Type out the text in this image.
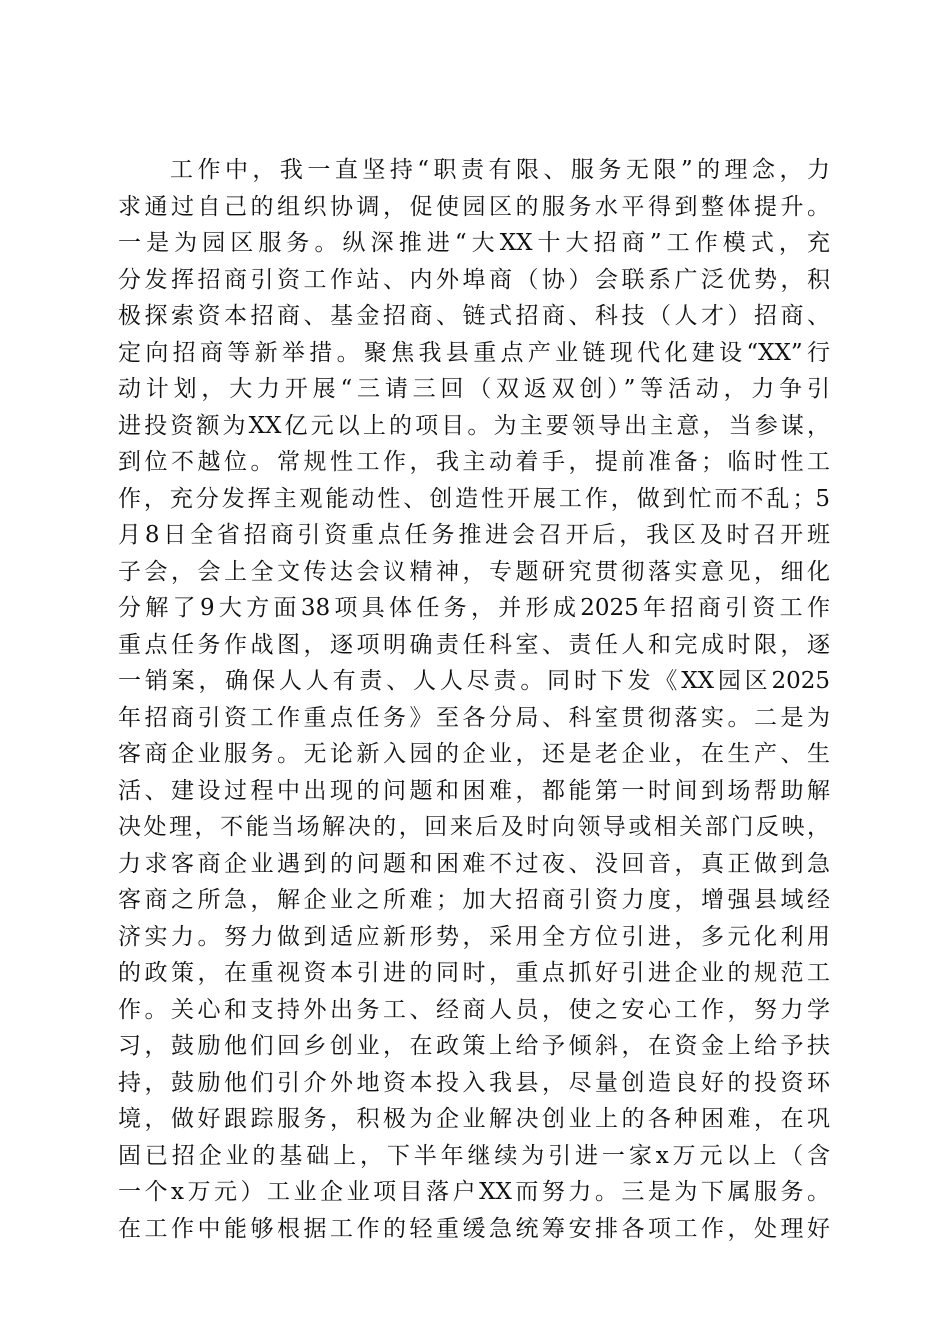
工作中，我一直坚持“职责有限、服务无限”的理念，力
求通过自己的组织协调，促使园区的服务水平得到整体提升。
一是为园区服务。纵深推进“大XX十大招商”工作模式，充
分发挥招商引资工作站、内外埠商（协）会联系广泛优势，积
极探索资本招商、基金招商、链式招商、科技（人才）招商、
定向招商等新举措。聚焦我县重点产业链现代化建设“XX”行
动计划，大力开展“三请三回（双返双创）”等活动，力争引
进投资额为XX亿元以上的项目。为主要领导出主意，当参谋，
到位不越位。常规性工作，我主动着手，提前准备；临时性工
作，充分发挥主观能动性、创造性开展工作，做到忙而不乱；5
月8日全省招商引资重点任务推进会召开后，我区及时召开班
子会，会上全文传达会议精神，专题研究贯彻落实意见，细化
分解了9大方面38项具体任务，并形成2025年招商引资工作
重点任务作战图，逐项明确责任科室、责任人和完成时限，逐
一销案，确保人人有责、人人尽责。同时下发《XX园区2025
年招商引资工作重点任务》至各分局、科室贯彻落实。二是为
客商企业服务。无论新入园的企业，还是老企业，在生产、生
活、建设过程中出现的问题和困难，都能第一时间到场帮助解
决处理，不能当场解决的，回来后及时向领导或相关部门反映，
力求客商企业遇到的问题和困难不过夜、没回音，真正做到急
客商之所急，解企业之所难；加大招商引资力度，增强县域经
济实力。努力做到适应新形势，采用全方位引进，多元化利用
的政策，在重视资本引进的同时，重点抓好引进企业的规范工
作。关心和支持外出务工、经商人员，使之安心工作，努力学
习，鼓励他们回乡创业，在政策上给予倾斜，在资金上给予扶
持，鼓励他们引介外地资本投入我县，尽量创造良好的投资环
境，做好跟踪服务，积极为企业解决创业上的各种困难，在巩
固已招企业的基础上，下半年继续为引进一家x万元以上（含
一个x万元）工业企业项目落户XX而努力。三是为下属服务。
在工作中能够根据工作的轻重缓急统筹安排各项工作，处理好
